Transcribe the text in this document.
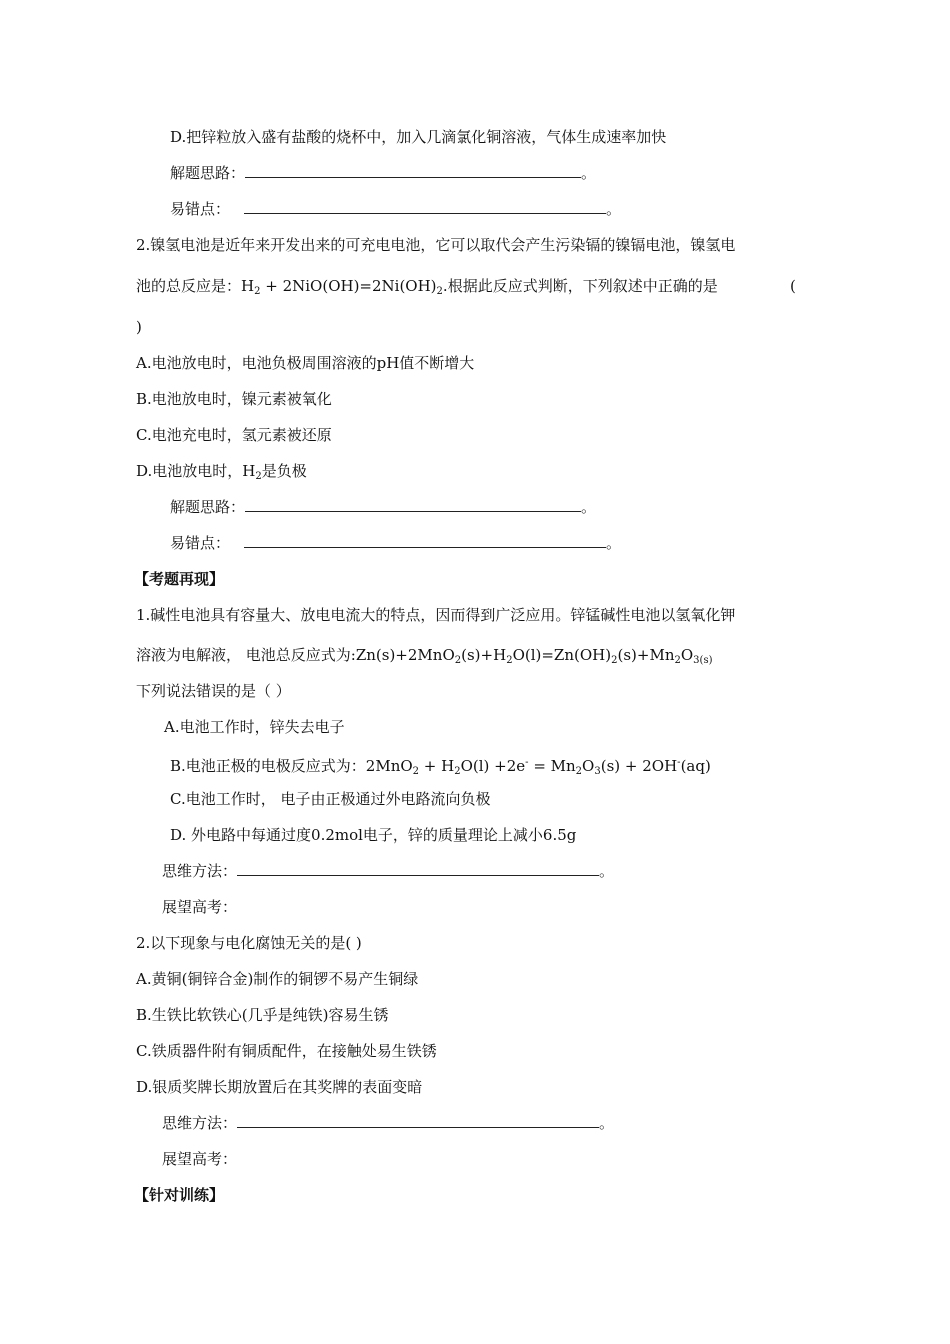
D.把锌粒放入盛有盐酸的烧杯中，加入几滴氯化铜溶液，气体生成速率加快
解题思路：	。
易错点：	。
2.镍氢电池是近年来开发出来的可充电电池，它可以取代会产生污染镉的镍镉电池，镍氢电
池的总反应是：$H_2 + 2NiO(OH)=2Ni(OH)_2$.根据此反应式判断，下列叙述中正确的是	(
)
A.电池放电时，电池负极周围溶液的pH值不断增大
B.电池放电时，镍元素被氧化
C.电池充电时，氢元素被还原
D.电池放电时，$H_2$是负极
解题思路：	。
易错点：	。
【考题再现】
1.碱性电池具有容量大、放电电流大的特点，因而得到广泛应用。锌锰碱性电池以氢氧化钾
溶液为电解液， 电池总反应式为$:Zn(s)+2MnO_2(s)+H_2O(l)=Zn(OH)_2(s)+Mn_2O_{3(s)}$
下列说法错误的是（ ）
A.电池工作时，锌失去电子
B.电池正极的电极反应式为：$2MnO_2 + H_2O(l) +2e^- = Mn_2O_3(s) + 2OH^-(aq)$
C.电池工作时， 电子由正极通过外电路流向负极
D. 外电路中每通过度0.2mol电子，锌的质量理论上减小6.5g
思维方法：	。
展望高考：
2.以下现象与电化腐蚀无关的是( )
A.黄铜(铜锌合金)制作的铜锣不易产生铜绿
B.生铁比软铁心(几乎是纯铁)容易生锈
C.铁质器件附有铜质配件，在接触处易生铁锈
D.银质奖牌长期放置后在其奖牌的表面变暗
思维方法：	。
展望高考：
【针对训练】
